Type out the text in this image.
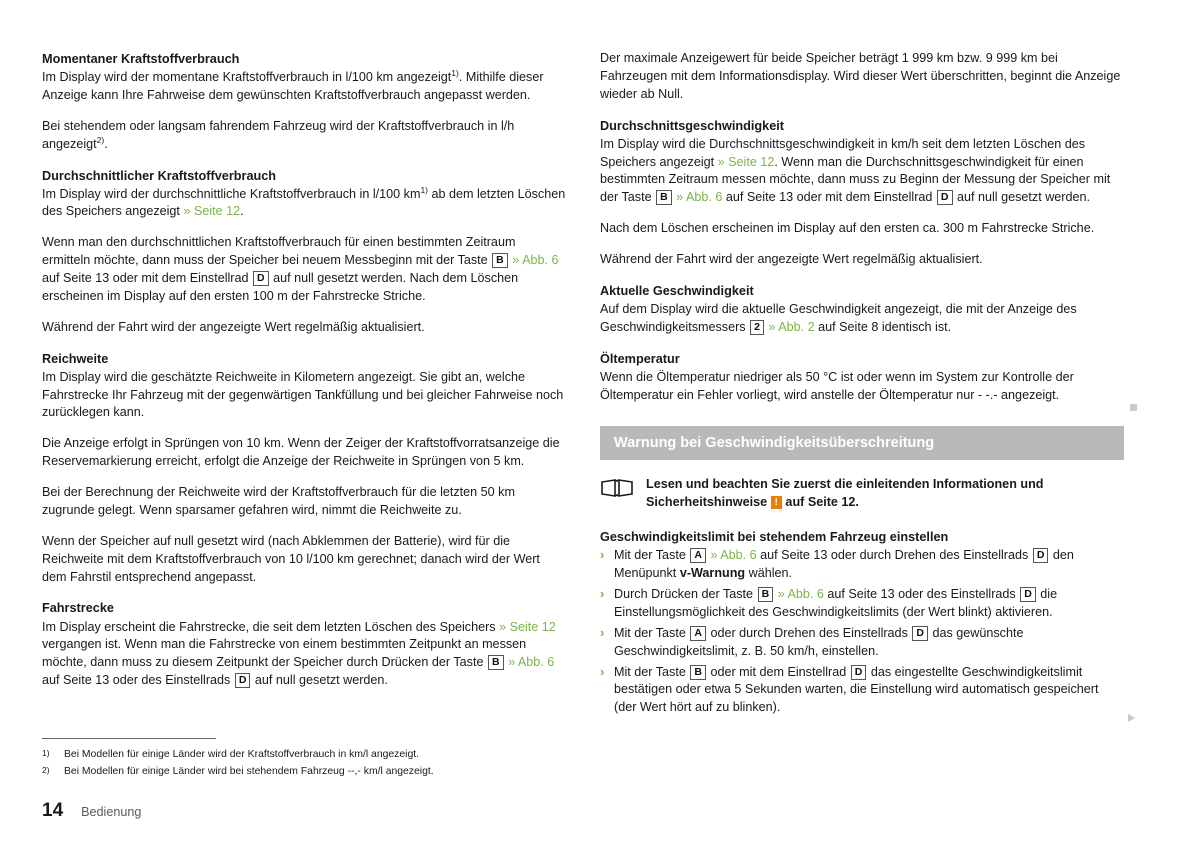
Momentaner Kraftstoffverbrauch

Im Display wird der momentane Kraftstoffverbrauch in l/100 km angezeigt$^{1)}$. Mithilfe dieser Anzeige kann Ihre Fahrweise dem gewünschten Kraftstoffverbrauch angepasst werden.

Bei stehendem oder langsam fahrendem Fahrzeug wird der Kraftstoffverbrauch in l/h angezeigt$^{2)}$.

Durchschnittlicher Kraftstoffverbrauch

Im Display wird der durchschnittliche Kraftstoffverbrauch in l/100 $km^{1)}$ ab dem letzten Löschen des Speichers angezeigt » Seite 12.

Wenn man den durchschnittlichen Kraftstoffverbrauch für einen bestimmten Zeitraum ermitteln möchte, dann muss der Speicher bei neuem Messbeginn mit der Taste B » Abb. 6 auf Seite 13 oder mit dem Einstellrad D auf null gesetzt werden. Nach dem Löschen erscheinen im Display auf den ersten 100 m der Fahrstrecke Striche.

Während der Fahrt wird der angezeigte Wert regelmäßig aktualisiert.

Reichweite

Im Display wird die geschätzte Reichweite in Kilometern angezeigt. Sie gibt an, welche Fahrstrecke Ihr Fahrzeug mit der gegenwärtigen Tankfüllung und bei gleicher Fahrweise noch zurücklegen kann.

Die Anzeige erfolgt in Sprüngen von 10 km. Wenn der Zeiger der Kraftstoffvorratsanzeige die Reservemarkierung erreicht, erfolgt die Anzeige der Reichweite in Sprüngen von 5 km.

Bei der Berechnung der Reichweite wird der Kraftstoffverbrauch für die letzten 50 km zugrunde gelegt. Wenn sparsamer gefahren wird, nimmt die Reichweite zu.

Wenn der Speicher auf null gesetzt wird (nach Abklemmen der Batterie), wird für die Reichweite mit dem Kraftstoffverbrauch von 10 l/100 km gerechnet; danach wird der Wert dem Fahrstil entsprechend angepasst.

Fahrstrecke

Im Display erscheint die Fahrstrecke, die seit dem letzten Löschen des Speichers » Seite 12 vergangen ist. Wenn man die Fahrstrecke von einem bestimmten Zeitpunkt an messen möchte, dann muss zu diesem Zeitpunkt der Speicher durch Drücken der Taste B » Abb. 6 auf Seite 13 oder des Einstellrads D auf null gesetzt werden.

Der maximale Anzeigewert für beide Speicher beträgt 1 999 km bzw. 9 999 km bei Fahrzeugen mit dem Informationsdisplay. Wird dieser Wert überschritten, beginnt die Anzeige wieder ab Null.

Durchschnittsgeschwindigkeit

Im Display wird die Durchschnittsgeschwindigkeit in km/h seit dem letzten Löschen des Speichers angezeigt » Seite 12. Wenn man die Durchschnittsgeschwindigkeit für einen bestimmten Zeitraum messen möchte, dann muss zu Beginn der Messung der Speicher mit der Taste B » Abb. 6 auf Seite 13 oder mit dem Einstellrad D auf null gesetzt werden.

Nach dem Löschen erscheinen im Display auf den ersten ca. 300 m Fahrstrecke Striche.

Während der Fahrt wird der angezeigte Wert regelmäßig aktualisiert.

Aktuelle Geschwindigkeit

Auf dem Display wird die aktuelle Geschwindigkeit angezeigt, die mit der Anzeige des Geschwindigkeitsmessers 2 » Abb. 2 auf Seite 8 identisch ist.

Öltemperatur

Wenn die Öltemperatur niedriger als 50 °C ist oder wenn im System zur Kontrolle der Öltemperatur ein Fehler vorliegt, wird anstelle der Öltemperatur nur - -.- angezeigt.

Warnung bei Geschwindigkeitsüberschreitung
Lesen und beachten Sie zuerst die einleitenden Informationen und Sicherheitshinweise ! auf Seite 12.
Geschwindigkeitslimit bei stehendem Fahrzeug einstellen
› Mit der Taste A » Abb. 6 auf Seite 13 oder durch Drehen des Einstellrads D den Menüpunkt v-Warnung wählen.
› Durch Drücken der Taste B » Abb. 6 auf Seite 13 oder des Einstellrads D die Einstellungsmöglichkeit des Geschwindigkeitslimits (der Wert blinkt) aktivieren.
› Mit der Taste A oder durch Drehen des Einstellrads D das gewünschte Geschwindigkeitslimit, z. B. 50 km/h, einstellen.
› Mit der Taste B oder mit dem Einstellrad D das eingestellte Geschwindigkeitslimit bestätigen oder etwa 5 Sekunden warten, die Einstellung wird automatisch gespeichert (der Wert hört auf zu blinken).
1)	Bei Modellen für einige Länder wird der Kraftstoffverbrauch in km/l angezeigt.
2)	Bei Modellen für einige Länder wird bei stehendem Fahrzeug --,- km/l angezeigt.
14 Bedienung
